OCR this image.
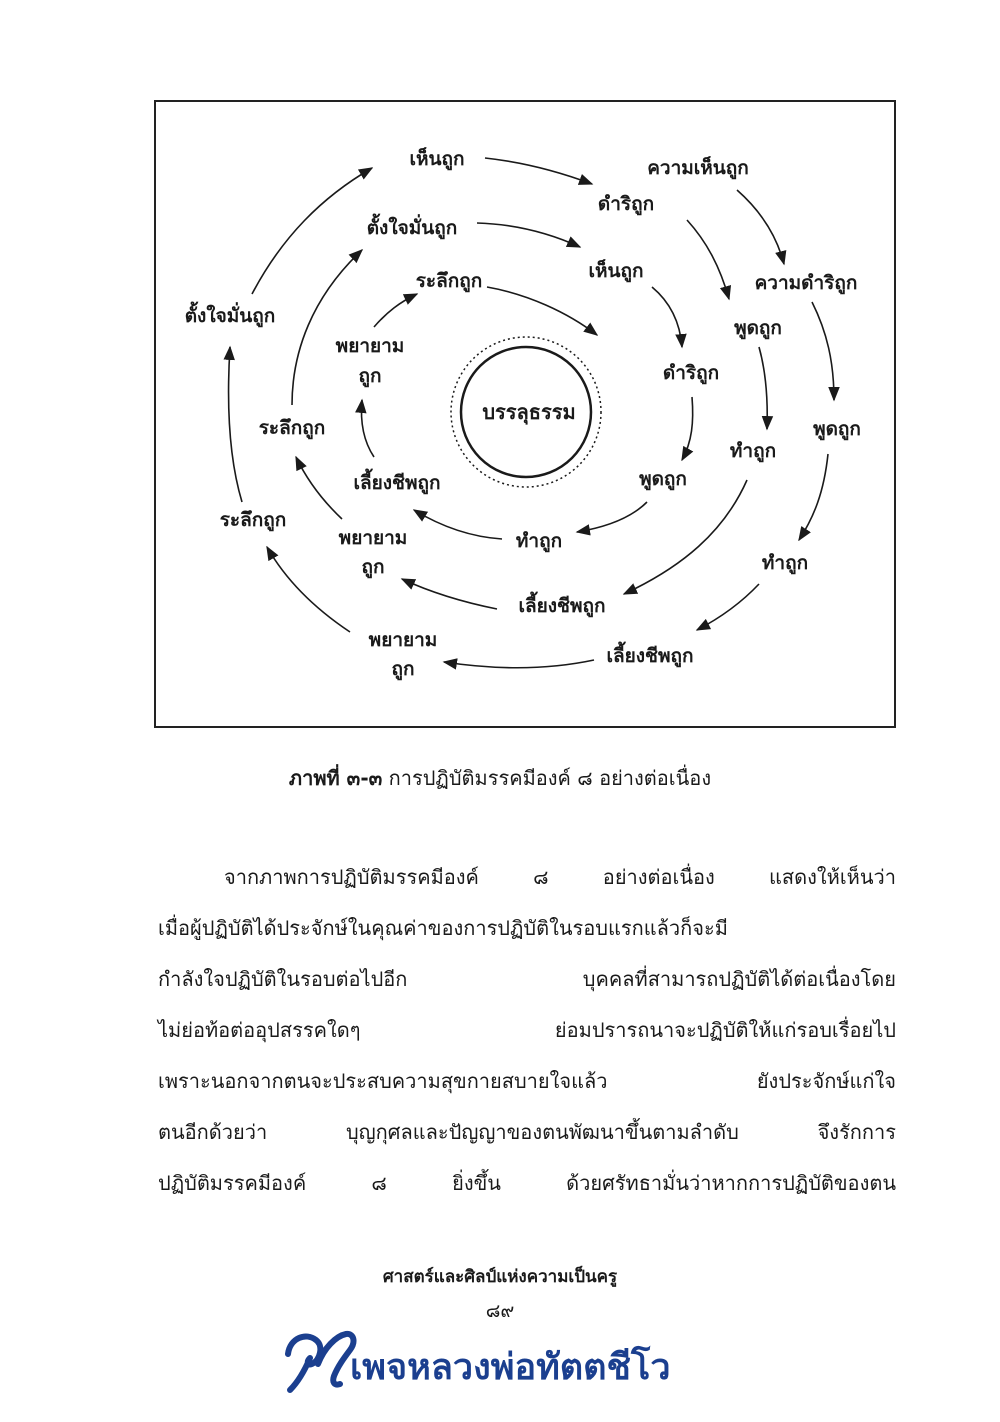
บรรลุธรรม
ความเห็นถูก
ความดำริถูก
พูดถูก
ทำถูก
เลี้ยงชีพถูก
พยายาม
ถูก
ระลึกถูก
ตั้งใจมั่นถูก
เห็นถูก
ดำริถูก
พูดถูก
ทำถูก
เลี้ยงชีพถูก
พยายาม
ถูก
ระลึกถูก
ตั้งใจมั่นถูก
เห็นถูก
ดำริถูก
พูดถูก
ทำถูก
เลี้ยงชีพถูก
พยายาม
ถูก
ระลึกถูก
ภาพที่ ๓-๓ การปฏิบัติมรรคมีองค์ ๘ อย่างต่อเนื่อง
จากภาพการปฏิบัติมรรคมีองค์ ๘ อย่างต่อเนื่อง แสดงให้เห็นว่า
เมื่อผู้ปฏิบัติได้ประจักษ์ในคุณค่าของการปฏิบัติในรอบแรกแล้วก็จะมี
กำลังใจปฏิบัติในรอบต่อไปอีก บุคคลที่สามารถปฏิบัติได้ต่อเนื่องโดย
ไม่ย่อท้อต่ออุปสรรคใดๆ ย่อมปรารถนาจะปฏิบัติให้แก่รอบเรื่อยไป
เพราะนอกจากตนจะประสบความสุขกายสบายใจแล้ว ยังประจักษ์แก่ใจ
ตนอีกด้วยว่า บุญกุศลและปัญญาของตนพัฒนาขึ้นตามลำดับ จึงรักการ
ปฏิบัติมรรคมีองค์ ๘ ยิ่งขึ้น ด้วยศรัทธามั่นว่าหากการปฏิบัติของตน
ศาสตร์และศิลป์แห่งความเป็นครู
๘๙
เพจหลวงพ่อทัตตชีโว
